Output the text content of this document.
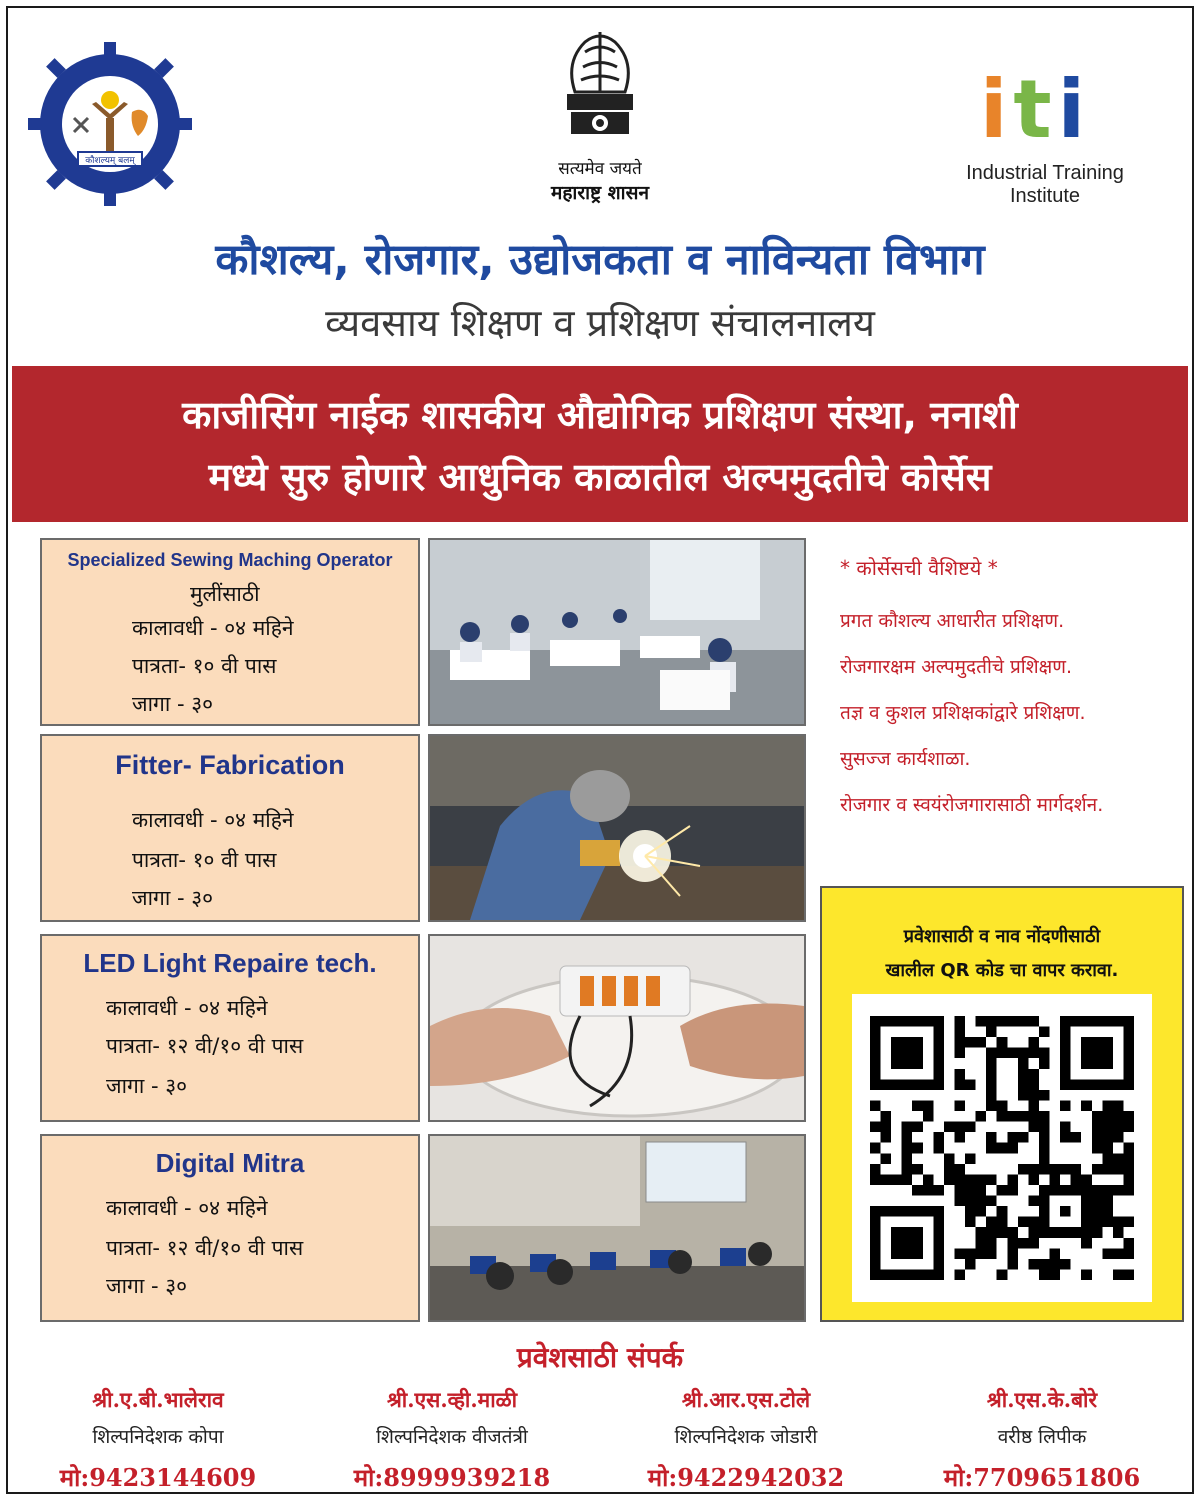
कौशल्यम् बलम्	सत्यमेव जयते
महाराष्ट्र शासन
i t i
Industrial Training Institute
कौशल्य, रोजगार, उद्योजकता व नाविन्यता विभाग
व्यवसाय शिक्षण व प्रशिक्षण संचालनालय
काजीसिंग नाईक शासकीय औद्योगिक प्रशिक्षण संस्था, ननाशी
मध्ये सुरु होणारे आधुनिक काळातील अल्पमुदतीचे कोर्सेस
Specialized Sewing Maching Operator
मुलींसाठी
कालावधी - ०४ महिने
पात्रता- १० वी पास
जागा - ३०
Fitter- Fabrication
कालावधी - ०४ महिने
पात्रता- १० वी पास
जागा - ३०
LED Light Repaire tech.
कालावधी - ०४ महिने
पात्रता- १२ वी/१० वी पास
जागा - ३०
Digital Mitra
कालावधी - ०४ महिने
पात्रता- १२ वी/१० वी पास
जागा - ३०
* कोर्सेसची वैशिष्टये *
प्रगत कौशल्य आधारीत प्रशिक्षण.
रोजगारक्षम अल्पमुदतीचे प्रशिक्षण.
तज्ञ व कुशल प्रशिक्षकांद्वारे प्रशिक्षण.
सुसज्ज कार्यशाळा.
रोजगार व स्वयंरोजगारासाठी मार्गदर्शन.
प्रवेशासाठी व नाव नोंदणीसाठी
खालील QR कोड चा वापर करावा.
प्रवेशसाठी संपर्क
श्री.ए.बी.भालेराव
शिल्पनिदेशक कोपा
मो:9423144609
श्री.एस.व्ही.माळी
शिल्पनिदेशक वीजतंत्री
मो:8999939218
श्री.आर.एस.टोले
शिल्पनिदेशक जोडारी
मो:9422942032
श्री.एस.के.बोरे
वरीष्ठ लिपीक
मो:7709651806
